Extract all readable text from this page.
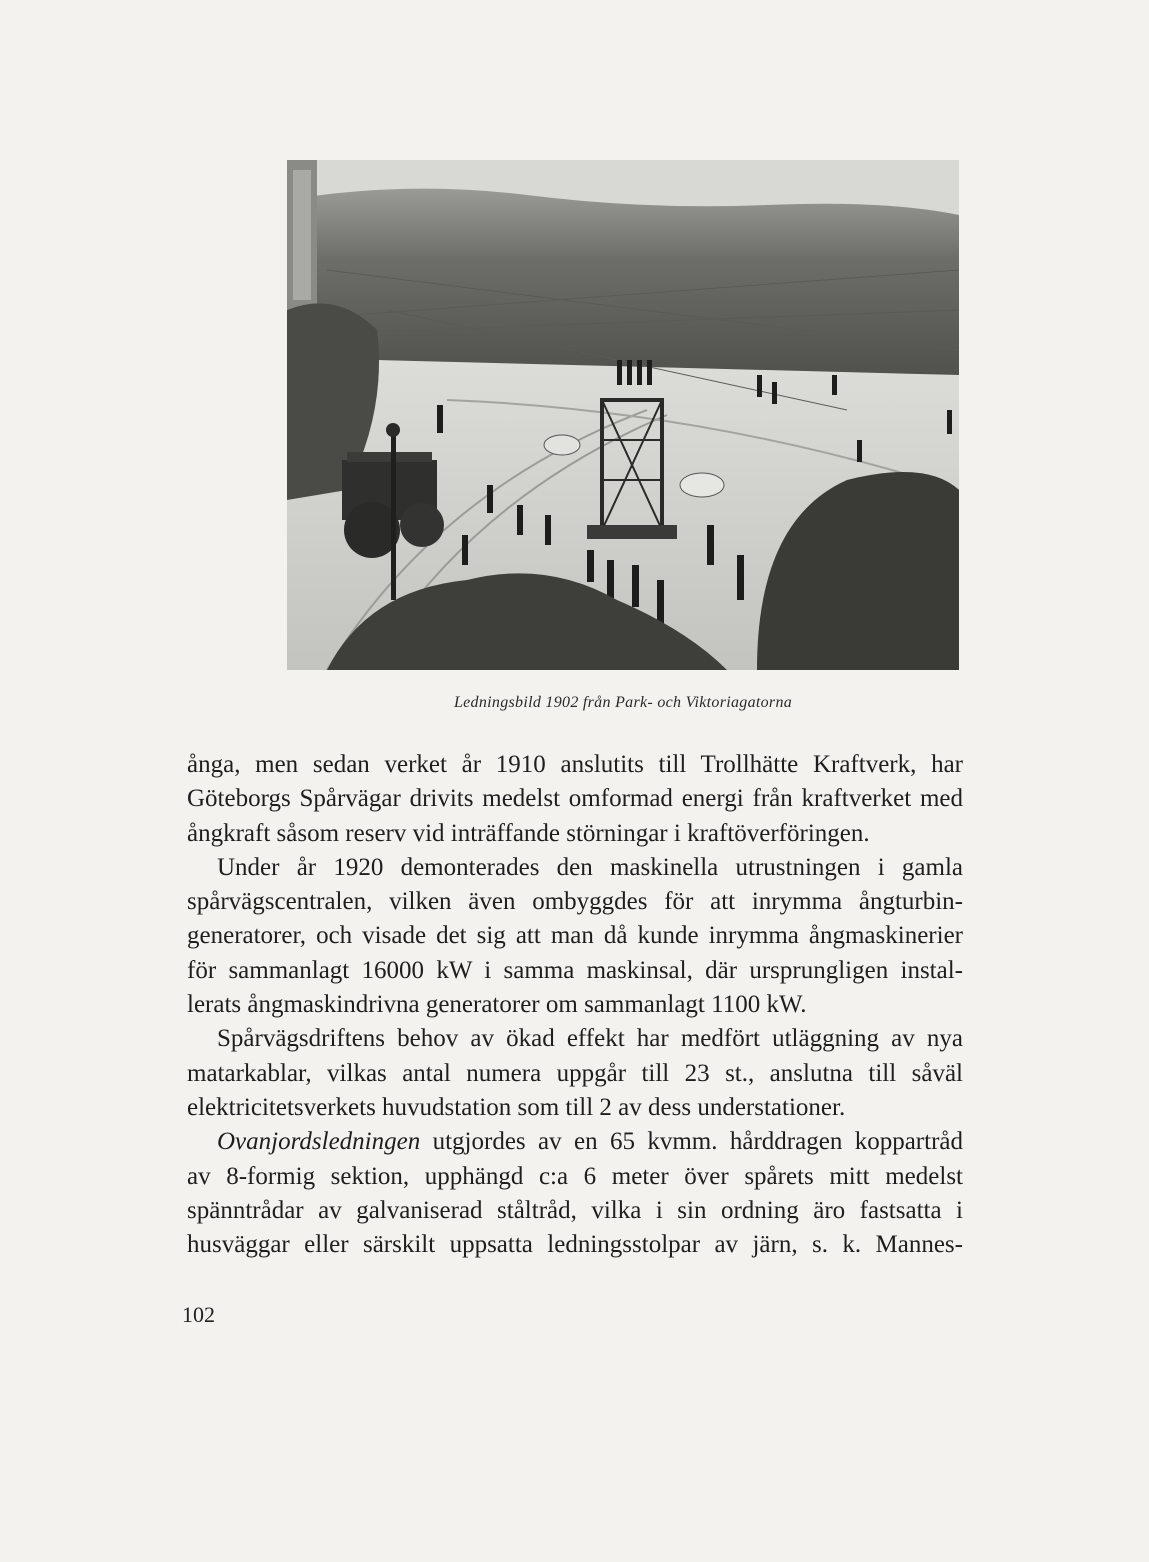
Ledningsbild 1902 från Park- och Viktoriagatorna
ånga, men sedan verket år 1910 anslutits till Trollhätte Kraftverk, har
Göteborgs Spårvägar drivits medelst omformad energi från kraftverket med
ångkraft såsom reserv vid inträffande störningar i kraftöverföringen.
Under år 1920 demonterades den maskinella utrustningen i gamla
spårvägscentralen, vilken även ombyggdes för att inrymma ångturbin-
generatorer, och visade det sig att man då kunde inrymma ångmaskinerier
för sammanlagt 16000 kW i samma maskinsal, där ursprungligen instal-
lerats ångmaskindrivna generatorer om sammanlagt 1100 kW.
Spårvägsdriftens behov av ökad effekt har medfört utläggning av nya
matarkablar, vilkas antal numera uppgår till 23 st., anslutna till såväl
elektricitetsverkets huvudstation som till 2 av dess understationer.
Ovanjordsledningen utgjordes av en 65 kvmm. hårddragen koppartråd
av 8-formig sektion, upphängd c:a 6 meter över spårets mitt medelst
spänntrådar av galvaniserad ståltråd, vilka i sin ordning äro fastsatta i
husväggar eller särskilt uppsatta ledningsstolpar av järn, s. k. Mannes-
102
